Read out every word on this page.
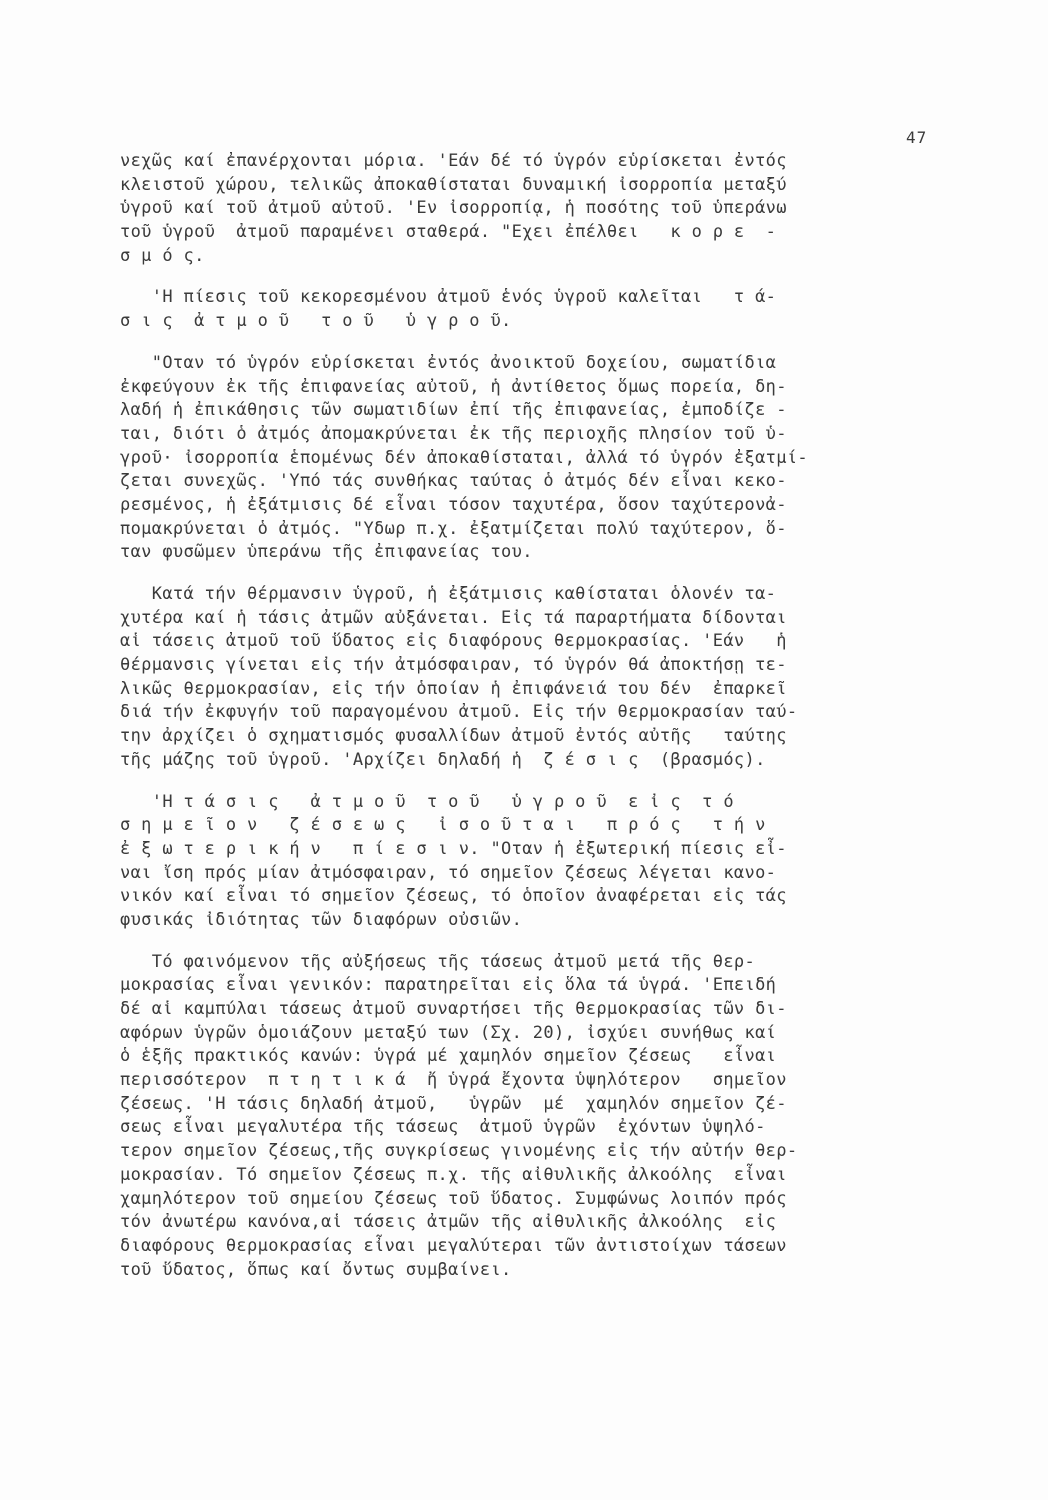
47
νεχῶς καί ἐπανέρχονται μόρια. 'Εάν δέ τό ὑγρόν εὑρίσκεται ἐντός
κλειστοῦ χώρου, τελικῶς ἀποκαθίσταται δυναμική ἰσορροπία μεταξύ
ὑγροῦ καί τοῦ ἀτμοῦ αὐτοῦ. 'Εν ἰσορροπίᾳ, ἡ ποσότης τοῦ ὑπεράνω
τοῦ ὑγροῦ  ἀτμοῦ παραμένει σταθερά. "Εχει ἐπέλθει   κ ο ρ ε  -
σ μ ό ς.
'Η πίεσις τοῦ κεκορεσμένου ἀτμοῦ ἑνός ὑγροῦ καλεῖται   τ ά-
σ ι ς  ἀ τ μ ο ῦ   τ ο ῦ   ὑ γ ρ ο ῦ.
"Οταν τό ὑγρόν εὑρίσκεται ἐντός ἀνοικτοῦ δοχείου, σωματίδια
ἐκφεύγουν ἐκ τῆς ἐπιφανείας αὐτοῦ, ἡ ἀντίθετος ὅμως πορεία, δη-
λαδή ἡ ἐπικάθησις τῶν σωματιδίων ἐπί τῆς ἐπιφανείας, ἐμποδίζε -
ται, διότι ὁ ἀτμός ἀπομακρύνεται ἐκ τῆς περιοχῆς πλησίον τοῦ ὑ-
γροῦ· ἰσορροπία ἑπομένως δέν ἀποκαθίσταται, ἀλλά τό ὑγρόν ἐξατμί-
ζεται συνεχῶς. 'Υπό τάς συνθήκας ταύτας ὁ ἀτμός δέν εἶναι κεκο-
ρεσμένος, ἡ ἐξάτμισις δέ εἶναι τόσον ταχυτέρα, ὅσον ταχύτερονἀ-
πομακρύνεται ὁ ἀτμός. "Υδωρ π.χ. ἐξατμίζεται πολύ ταχύτερον, ὅ-
ταν φυσῶμεν ὑπεράνω τῆς ἐπιφανείας του.
Κατά τήν θέρμανσιν ὑγροῦ, ἡ ἐξάτμισις καθίσταται ὁλονέν τα-
χυτέρα καί ἡ τάσις ἀτμῶν αὐξάνεται. Εἰς τά παραρτήματα δίδονται
αἱ τάσεις ἀτμοῦ τοῦ ὕδατος εἰς διαφόρους θερμοκρασίας. 'Εάν   ἡ
θέρμανσις γίνεται εἰς τήν ἀτμόσφαιραν, τό ὑγρόν θά ἀποκτήσῃ τε-
λικῶς θερμοκρασίαν, εἰς τήν ὁποίαν ἡ ἐπιφάνειά του δέν  ἐπαρκεῖ
διά τήν ἐκφυγήν τοῦ παραγομένου ἀτμοῦ. Εἰς τήν θερμοκρασίαν ταύ-
την ἀρχίζει ὁ σχηματισμός φυσαλλίδων ἀτμοῦ ἐντός αὐτῆς   ταύτης
τῆς μάζης τοῦ ὑγροῦ. 'Αρχίζει δηλαδή ἡ  ζ έ σ ι ς  (βρασμός).
'Η τ ά σ ι ς   ἀ τ μ ο ῦ  τ ο ῦ   ὑ γ ρ ο ῦ  ε ἰ ς  τ ό
σ η μ ε ῖ ο ν   ζ έ σ ε ω ς   ἰ σ ο ῦ τ α ι   π ρ ό ς   τ ή ν
ἐ ξ ω τ ε ρ ι κ ή ν   π ί ε σ ι ν. "Οταν ἡ ἐξωτερική πίεσις εἶ-
ναι ἴση πρός μίαν ἀτμόσφαιραν, τό σημεῖον ζέσεως λέγεται κανο-
νικόν καί εἶναι τό σημεῖον ζέσεως, τό ὁποῖον ἀναφέρεται εἰς τάς
φυσικάς ἰδιότητας τῶν διαφόρων οὐσιῶν.
Τό φαινόμενον τῆς αὐξήσεως τῆς τάσεως ἀτμοῦ μετά τῆς θερ-
μοκρασίας εἶναι γενικόν: παρατηρεῖται εἰς ὅλα τά ὑγρά. 'Επειδή
δέ αἱ καμπύλαι τάσεως ἀτμοῦ συναρτήσει τῆς θερμοκρασίας τῶν δι-
αφόρων ὑγρῶν ὁμοιάζουν μεταξύ των (Σχ. 20), ἰσχύει συνήθως καί
ὁ ἑξῆς πρακτικός κανών: ὑγρά μέ χαμηλόν σημεῖον ζέσεως   εἶναι
περισσότερον  π τ η τ ι κ ά  ἤ ὑγρά ἔχοντα ὑψηλότερον   σημεῖον
ζέσεως. 'Η τάσις δηλαδή ἀτμοῦ,   ὑγρῶν  μέ  χαμηλόν σημεῖον ζέ-
σεως εἶναι μεγαλυτέρα τῆς τάσεως  ἀτμοῦ ὑγρῶν  ἐχόντων ὑψηλό-
τερον σημεῖον ζέσεως,τῆς συγκρίσεως γινομένης εἰς τήν αὐτήν θερ-
μοκρασίαν. Τό σημεῖον ζέσεως π.χ. τῆς αἰθυλικῆς ἀλκοόλης  εἶναι
χαμηλότερον τοῦ σημείου ζέσεως τοῦ ὕδατος. Συμφώνως λοιπόν πρός
τόν ἀνωτέρω κανόνα,αἱ τάσεις ἀτμῶν τῆς αἰθυλικῆς ἀλκοόλης  εἰς
διαφόρους θερμοκρασίας εἶναι μεγαλύτεραι τῶν ἀντιστοίχων τάσεων
τοῦ ὕδατος, ὅπως καί ὄντως συμβαίνει.
